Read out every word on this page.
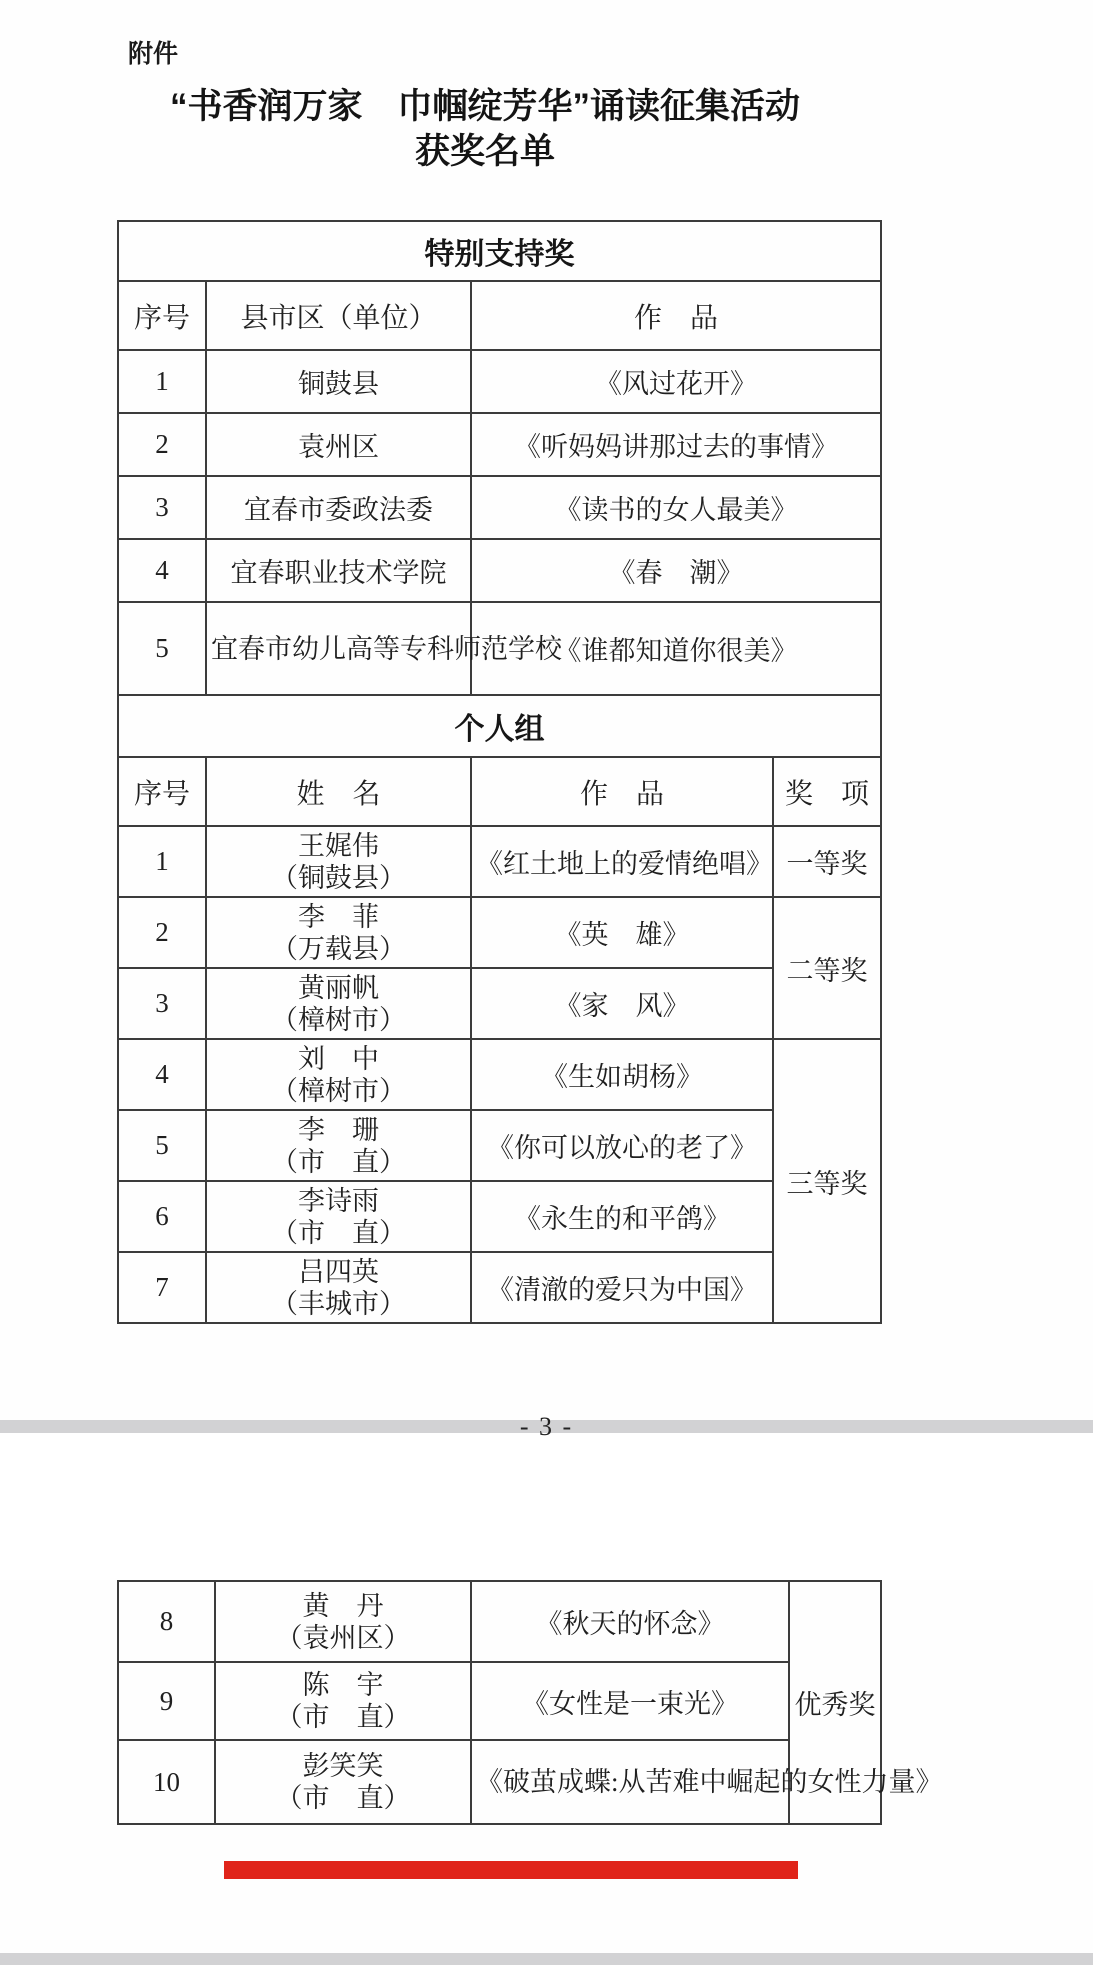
附件
“书香润万家　巾帼绽芳华”诵读征集活动
获奖名单
特别支持奖			
序号	县市区（单位）	作　品	
1	铜鼓县	《风过花开》	
2	袁州区	《听妈妈讲那过去的事情》	
3	宜春市委政法委	《读书的女人最美》	
4	宜春职业技术学院	《春　潮》	
5	宜春市幼儿高等专科师范学校	《谁都知道你很美》	
个人组			
序号	姓　名	作　品	奖　项
1	王娓伟
（铜鼓县）	《红土地上的爱情绝唱》	一等奖
2	李　菲
（万载县）	《英　雄》	二等奖
3	黄丽帆
（樟树市）	《家　风》	
4	刘　中
（樟树市）	《生如胡杨》	三等奖
5	李　珊
（市　直）	《你可以放心的老了》	
6	李诗雨
（市　直）	《永生的和平鸽》	
7	吕四英
（丰城市）	《清澈的爱只为中国》	
- 3 -
8	黄　丹
（袁州区）	《秋天的怀念》	优秀奖
9	陈　宇
（市　直）	《女性是一束光》	
10	彭笑笑
（市　直）	《破茧成蝶:从苦难中崛起的女性力量》	
